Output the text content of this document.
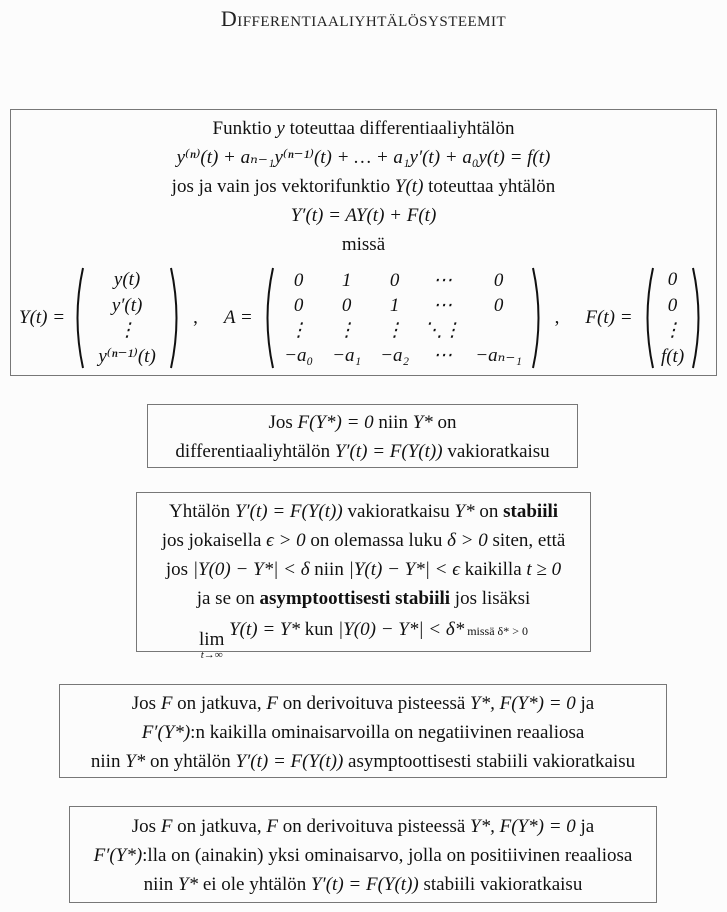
Differentiaaliyhtälösysteemit
Funktio y toteuttaa differentiaaliyhtälön
y⁽ⁿ⁾(t) + aₙ₋₁y⁽ⁿ⁻¹⁾(t) + … + a₁y′(t) + a₀y(t) = f(t)
jos ja vain jos vektorifunktio Y(t) toteuttaa yhtälön
Y′(t) = AY(t) + F(t)
missä
Y(t) =
y(t)
y′(t)
⋮
y⁽ⁿ⁻¹⁾(t)
, A =
0 1 0 ⋯ 0
0 0 1 ⋯ 0
⋮ ⋮ ⋮ ⋱⋮
−a₀ −a₁ −a₂ ⋯ −aₙ₋₁
, F(t) =
0
0
⋮
f(t)
Jos F(Y*) = 0 niin Y* on
differentiaaliyhtälön Y′(t) = F(Y(t)) vakioratkaisu
Yhtälön Y′(t) = F(Y(t)) vakioratkaisu Y* on stabiili
jos jokaisella ϵ > 0 on olemassa luku δ > 0 siten, että
jos |Y(0) − Y*| < δ niin |Y(t) − Y*| < ϵ kaikilla t ≥ 0
ja se on asymptoottisesti stabiili jos lisäksi
lim
t→∞
Y(t) = Y* kun |Y(0) − Y*| < δ* missä δ* > 0
Jos F on jatkuva, F on derivoituva pisteessä Y*, F(Y*) = 0 ja
F′(Y*):n kaikilla ominaisarvoilla on negatiivinen reaaliosa
niin Y* on yhtälön Y′(t) = F(Y(t)) asymptoottisesti stabiili vakioratkaisu
Jos F on jatkuva, F on derivoituva pisteessä Y*, F(Y*) = 0 ja
F′(Y*):lla on (ainakin) yksi ominaisarvo, jolla on positiivinen reaaliosa
niin Y* ei ole yhtälön Y′(t) = F(Y(t)) stabiili vakioratkaisu
